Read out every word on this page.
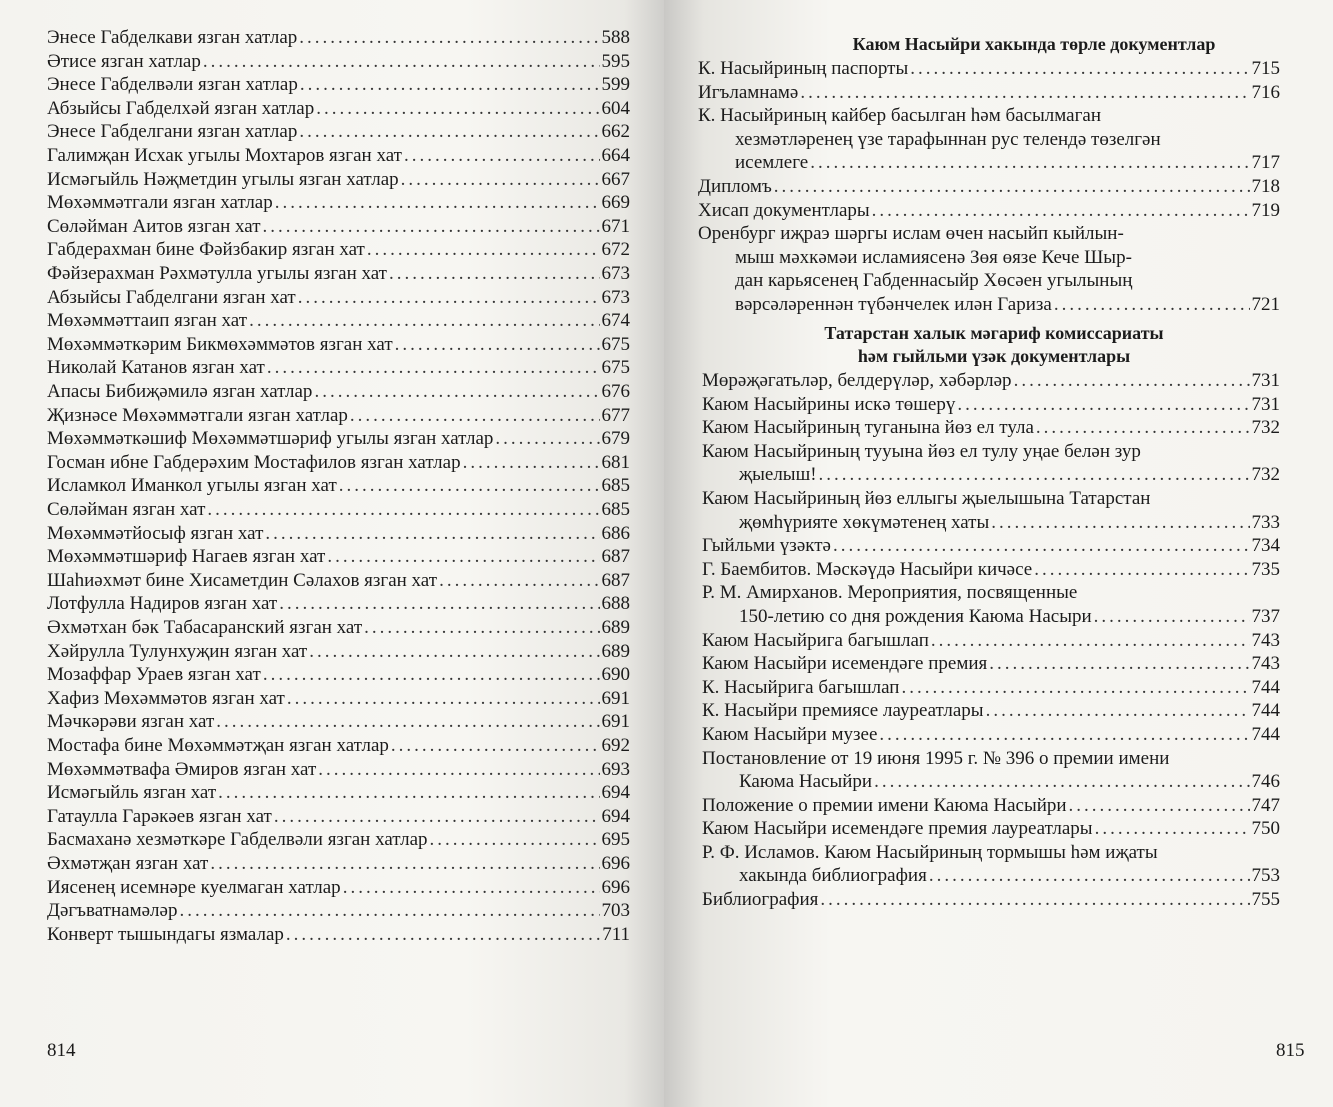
Энесе Габделкави язган хатлар .....	588
Әтисе язган хатлар .....	595
Энесе Габделвәли язган хатлар .....	599
Абзыйсы Габделхәй язган хатлар .....	604
Энесе Габделгани язган хатлар .....	662
Галимҗан Исхак угылы Мохтаров язган хат .....	664
Исмәгыйль Нәҗметдин угылы язган хатлар .....	667
Мөхәммәтгали язган хатлар .....	669
Сөләйман Аитов язган хат .....	671
Габдерахман бине Фәйзбакир язган хат .....	672
Фәйзерахман Рәхмәтулла угылы язган хат .....	673
Абзыйсы Габделгани язган хат .....	673
Мөхәммәттаип язган хат .....	674
Мөхәммәткәрим Бикмөхәммәтов язган хат .....	675
Николай Катанов язган хат .....	675
Апасы Бибиҗәмилә язган хатлар .....	676
Җизнәсе Мөхәммәтгали язган хатлар .....	677
Мөхәммәткәшиф Мөхәммәтшәриф угылы язган хатлар .....	679
Госман ибне Габдерәхим Мостафилов язган хатлар .....	681
Исламкол Иманкол угылы язган хат .....	685
Сөләйман язган хат .....	685
Мөхәммәтйосыф язган хат .....	686
Мөхәммәтшәриф Нагаев язган хат .....	687
Шаһиәхмәт бине Хисаметдин Сәлахов язган хат .....	687
Лотфулла Надиров язган хат .....	688
Әхмәтхан бәк Табасаранский язган хат .....	689
Хәйрулла Тулунхуҗин язган хат .....	689
Мозаффар Ураев язган хат .....	690
Хафиз Мөхәммәтов язган хат .....	691
Мәчкәрәви язган хат .....	691
Мостафа бине Мөхәммәтҗан язган хатлар .....	692
Мөхәммәтвафа Әмиров язган хат .....	693
Исмәгыйль язган хат .....	694
Гатаулла Гарәкәев язган хат .....	694
Басмаханә хезмәткәре Габделвәли язган хатлар .....	695
Әхмәтҗан язган хат .....	696
Иясенең исемнәре куелмаган хатлар .....	696
Дәгъватнамәләр .....	703
Конверт тышындагы язмалар .....	711
814
Каюм Насыйри хакында төрле документлар
К. Насыйриның паспорты .....	715
Игъламнамә .....	716
К. Насыйриның кайбер басылган һәм басылмаган
хезмәтләренең үзе тарафыннан рус телендә төзелгән
исемлеге .....	717
Дипломъ .....	718
Хисап документлары .....	719
Оренбург иҗраэ шәргы ислам өчен насыйп кыйлын-
мыш мәхкәмәи исламиясенә Зөя өязе Кече Шыр-
дан карьясенең Габденнасыйр Хөсәен угылының
вәрсәләреннән түбәнчелек илән Гариза .....	721
Татарстан халык мәгариф комиссариаты
һәм гыйльми үзәк документлары
Мөрәҗәгатьләр, белдерүләр, хәбәрләр .....	731
Каюм Насыйрины искә төшерү .....	731
Каюм Насыйриның туганына йөз ел тула .....	732
Каюм Насыйриның тууына йөз ел тулу уңае белән зур
җыелыш! .....	732
Каюм Насыйриның йөз еллыгы җыелышына Татарстан
җөмһүрияте хөкүмәтенең хаты .....	733
Гыйльми үзәктә .....	734
Г. Баембитов. Мәскәүдә Насыйри кичәсе .....	735
Р. М. Амирханов. Мероприятия, посвященные
150-летию со дня рождения Каюма Насыри .....	737
Каюм Насыйрига багышлап .....	743
Каюм Насыйри исемендәге премия .....	743
К. Насыйрига багышлап .....	744
К. Насыйри премиясе лауреатлары .....	744
Каюм Насыйри музее .....	744
Постановление от 19 июня 1995 г. № 396 о премии имени
Каюма Насыйри .....	746
Положение о премии имени Каюма Насыйри .....	747
Каюм Насыйри исемендәге премия лауреатлары .....	750
Р. Ф. Исламов. Каюм Насыйриның тормышы һәм иҗаты
хакында библиография .....	753
Библиография .....	755
815
